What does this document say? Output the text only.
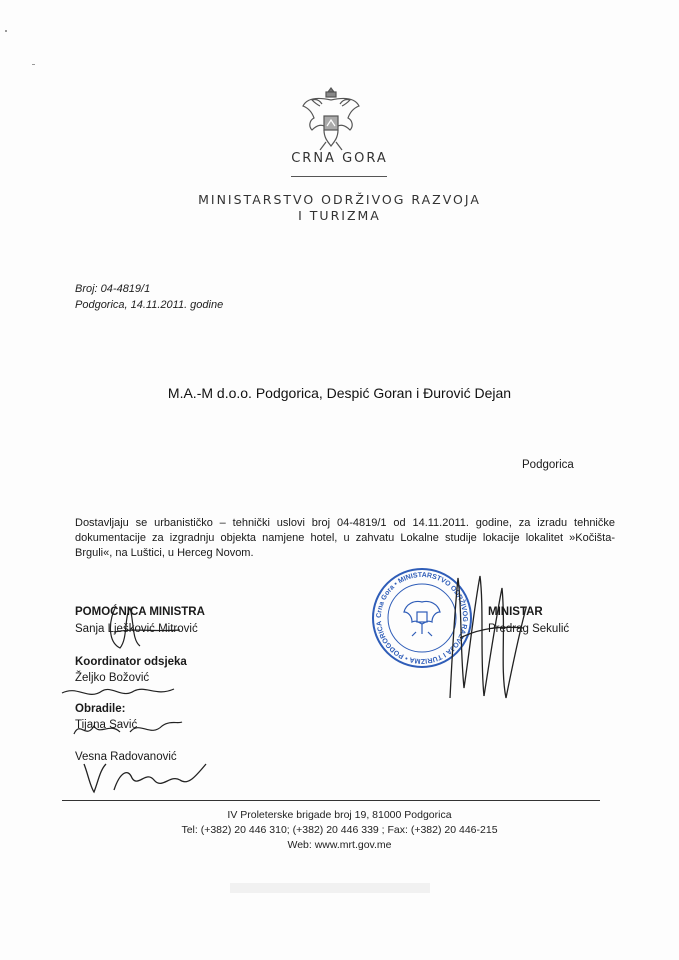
CRNA GORA
MINISTARSTVO ODRŽIVOG RAZVOJA
I TURIZMA
Broj: 04-4819/1
Podgorica, 14.11.2011. godine
M.A.-M d.o.o. Podgorica, Despić Goran i Đurović Dejan
Podgorica
Dostavljaju se urbanističko – tehnički uslovi broj 04-4819/1 od 14.11.2011. godine, za izradu tehničke dokumentacije za izgradnju objekta namjene hotel, u zahvatu Lokalne studije lokacije lokalitet »Kočišta-Brguli«, na Luštici, u Herceg Novom.
Crna Gora • MINISTARSTVO ODRŽIVOG RAZVOJA I TURIZMA • PODGORICA
POMOĆNICA MINISTRA
Sanja Lješković Mitrović
Koordinator odsjeka
Željko Božović
Obradile:
Tijana Savić
Vesna Radovanović
MINISTAR
Predrag Sekulić
IV Proleterske brigade broj 19, 81000 Podgorica
Tel: (+382) 20 446 310; (+382) 20 446 339 ; Fax: (+382) 20 446-215
Web: www.mrt.gov.me
